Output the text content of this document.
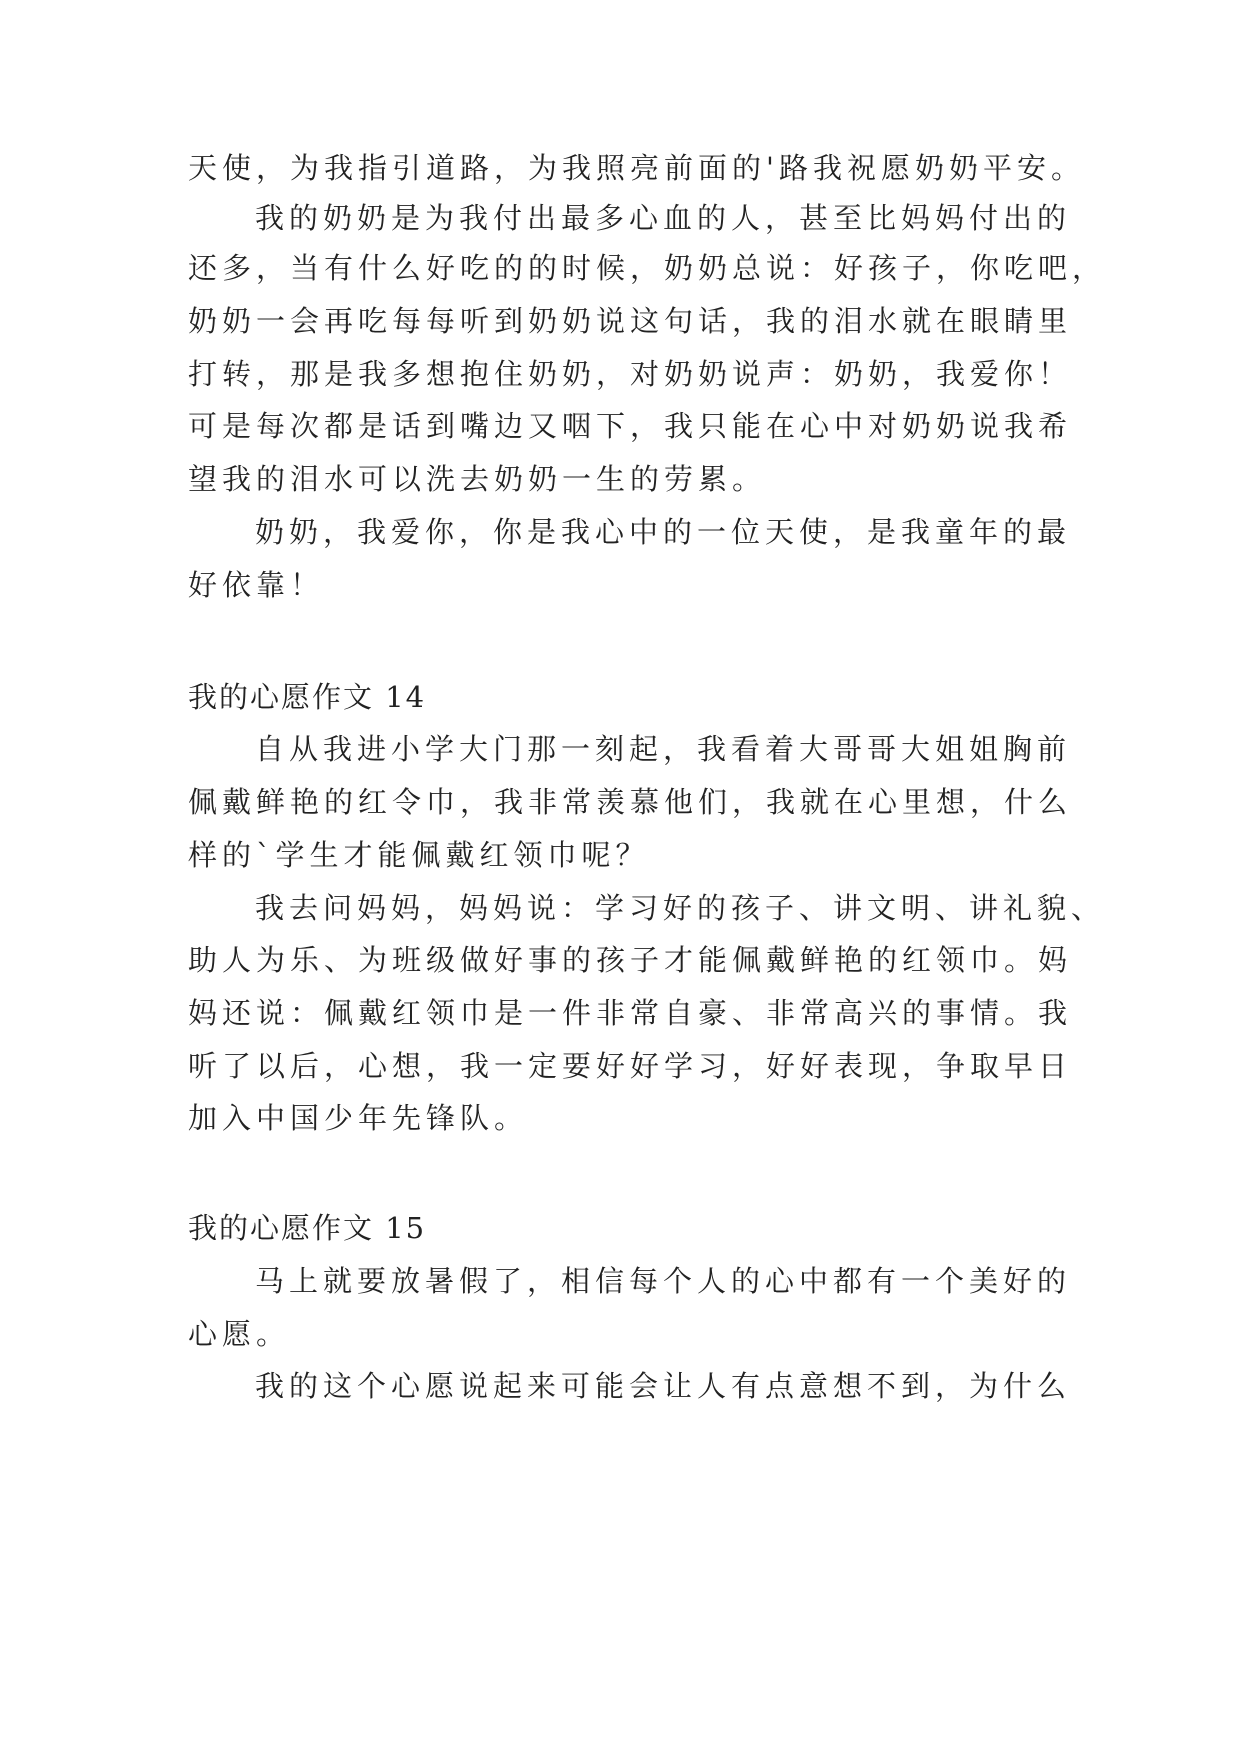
天使，为我指引道路，为我照亮前面的'路我祝愿奶奶平安。
我的奶奶是为我付出最多心血的人，甚至比妈妈付出的
还多，当有什么好吃的的时候，奶奶总说：好孩子，你吃吧，
奶奶一会再吃每每听到奶奶说这句话，我的泪水就在眼睛里
打转，那是我多想抱住奶奶，对奶奶说声：奶奶，我爱你！
可是每次都是话到嘴边又咽下，我只能在心中对奶奶说我希
望我的泪水可以洗去奶奶一生的劳累。
奶奶，我爱你，你是我心中的一位天使，是我童年的最
好依靠！
我的心愿作文 14
自从我进小学大门那一刻起，我看着大哥哥大姐姐胸前
佩戴鲜艳的红令巾，我非常羡慕他们，我就在心里想，什么
样的`学生才能佩戴红领巾呢？
我去问妈妈，妈妈说：学习好的孩子、讲文明、讲礼貌、
助人为乐、为班级做好事的孩子才能佩戴鲜艳的红领巾。妈
妈还说：佩戴红领巾是一件非常自豪、非常高兴的事情。我
听了以后，心想，我一定要好好学习，好好表现，争取早日
加入中国少年先锋队。
我的心愿作文 15
马上就要放暑假了，相信每个人的心中都有一个美好的
心愿。
我的这个心愿说起来可能会让人有点意想不到，为什么
